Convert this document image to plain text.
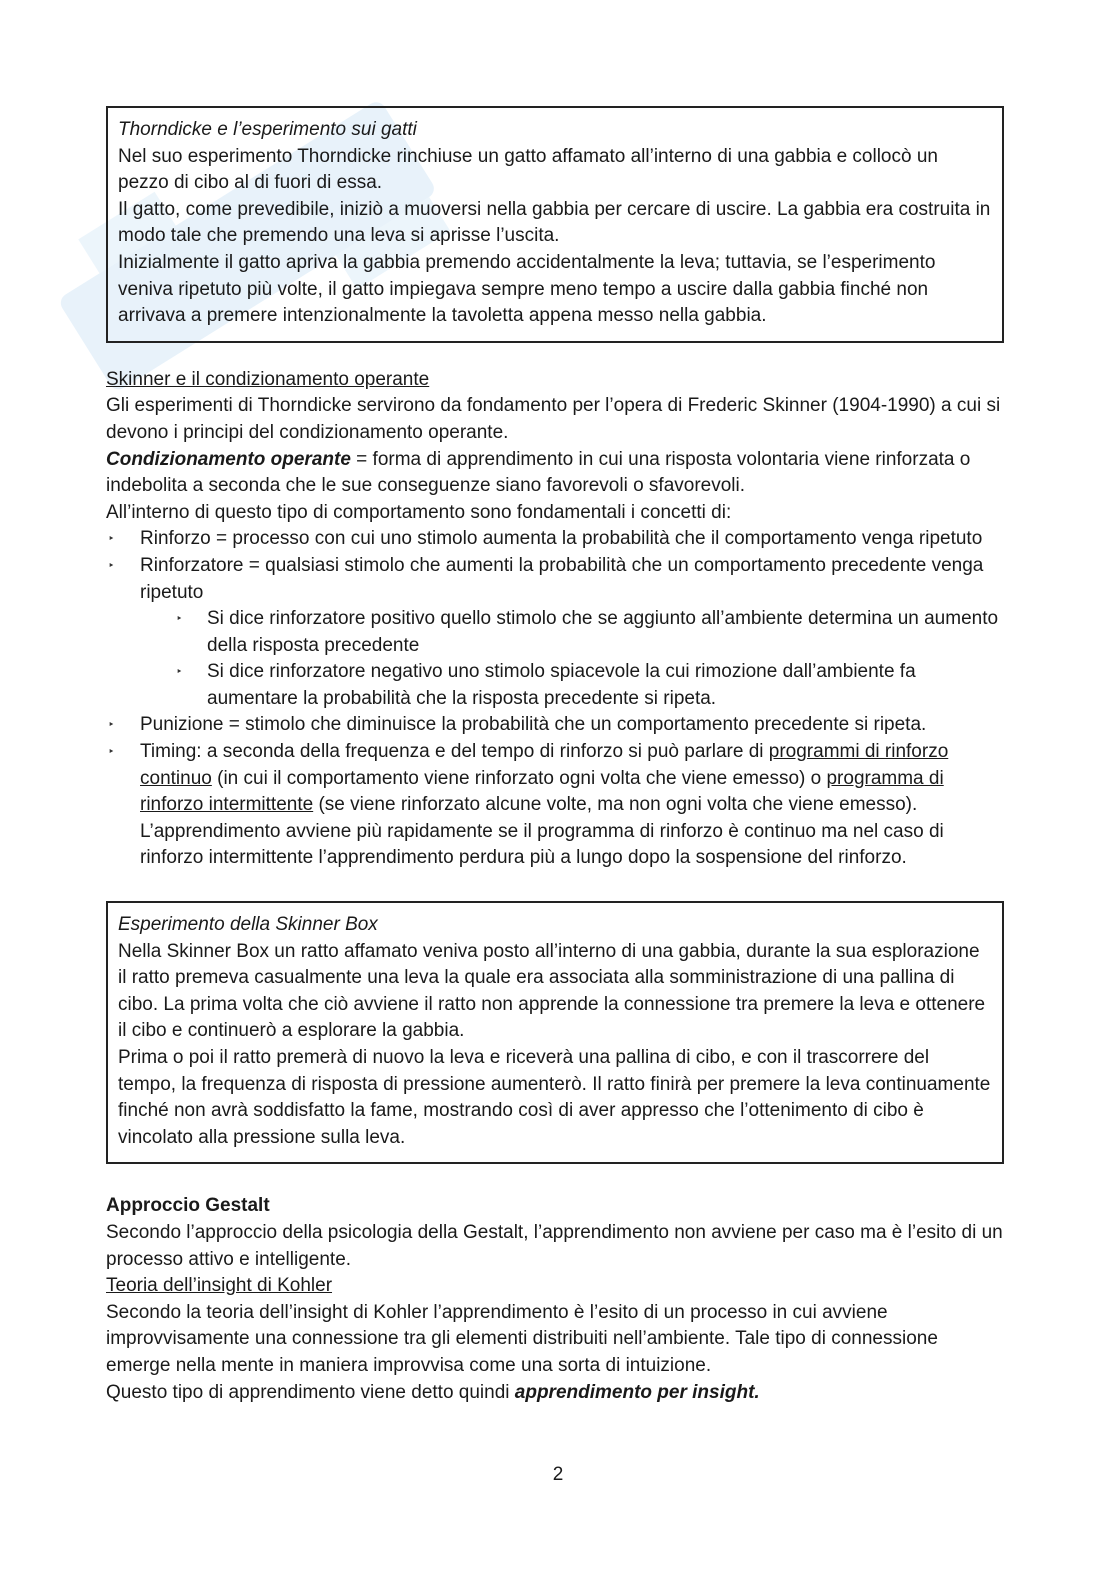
Thorndicke e l’esperimento sui gatti

Nel suo esperimento Thorndicke rinchiuse un gatto affamato all’interno di una gabbia e collocò un pezzo di cibo al di fuori di essa.

Il gatto, come prevedibile, iniziò a muoversi nella gabbia per cercare di uscire. La gabbia era costruita in modo tale che premendo una leva si aprisse l’uscita.

Inizialmente il gatto apriva la gabbia premendo accidentalmente la leva; tuttavia, se l’esperimento veniva ripetuto più volte, il gatto impiegava sempre meno tempo a uscire dalla gabbia finché non arrivava a premere intenzionalmente la tavoletta appena messo nella gabbia.

Skinner e il condizionamento operante

Gli esperimenti di Thorndicke servirono da fondamento per l’opera di Frederic Skinner (1904-1990) a cui si devono i principi del condizionamento operante.

Condizionamento operante = forma di apprendimento in cui una risposta volontaria viene rinforzata o indebolita a seconda che le sue conseguenze siano favorevoli o sfavorevoli.

All’interno di questo tipo di comportamento sono fondamentali i concetti di:

‣ Rinforzo = processo con cui uno stimolo aumenta la probabilità che il comportamento venga ripetuto
‣ Rinforzatore = qualsiasi stimolo che aumenti la probabilità che un comportamento precedente venga ripetuto
‣ Si dice rinforzatore positivo quello stimolo che se aggiunto all’ambiente determina un aumento della risposta precedente
‣ Si dice rinforzatore negativo uno stimolo spiacevole la cui rimozione dall’ambiente fa aumentare la probabilità che la risposta precedente si ripeta.
‣ Punizione = stimolo che diminuisce la probabilità che un comportamento precedente si ripeta.
‣ Timing: a seconda della frequenza e del tempo di rinforzo si può parlare di programmi di rinforzo continuo (in cui il comportamento viene rinforzato ogni volta che viene emesso) o programma di rinforzo intermittente (se viene rinforzato alcune volte, ma non ogni volta che viene emesso). L’apprendimento avviene più rapidamente se il programma di rinforzo è continuo ma nel caso di rinforzo intermittente l’apprendimento perdura più a lungo dopo la sospensione del rinforzo.

Esperimento della Skinner Box

Nella Skinner Box un ratto affamato veniva posto all’interno di una gabbia, durante la sua esplorazione il ratto premeva casualmente una leva la quale era associata alla somministrazione di una pallina di cibo. La prima volta che ciò avviene il ratto non apprende la connessione tra premere la leva e ottenere il cibo e continuerò a esplorare la gabbia.

Prima o poi il ratto premerà di nuovo la leva e riceverà una pallina di cibo, e con il trascorrere del tempo, la frequenza di risposta di pressione aumenterò. Il ratto finirà per premere la leva continuamente finché non avrà soddisfatto la fame, mostrando così di aver appresso che l’ottenimento di cibo è vincolato alla pressione sulla leva.

Approccio Gestalt

Secondo l’approccio della psicologia della Gestalt, l’apprendimento non avviene per caso ma è l’esito di un processo attivo e intelligente.

Teoria dell’insight di Kohler

Secondo la teoria dell’insight di Kohler l’apprendimento è l’esito di un processo in cui avviene improvvisamente una connessione tra gli elementi distribuiti nell’ambiente. Tale tipo di connessione emerge nella mente in maniera improvvisa come una sorta di intuizione.

Questo tipo di apprendimento viene detto quindi apprendimento per insight.

2
